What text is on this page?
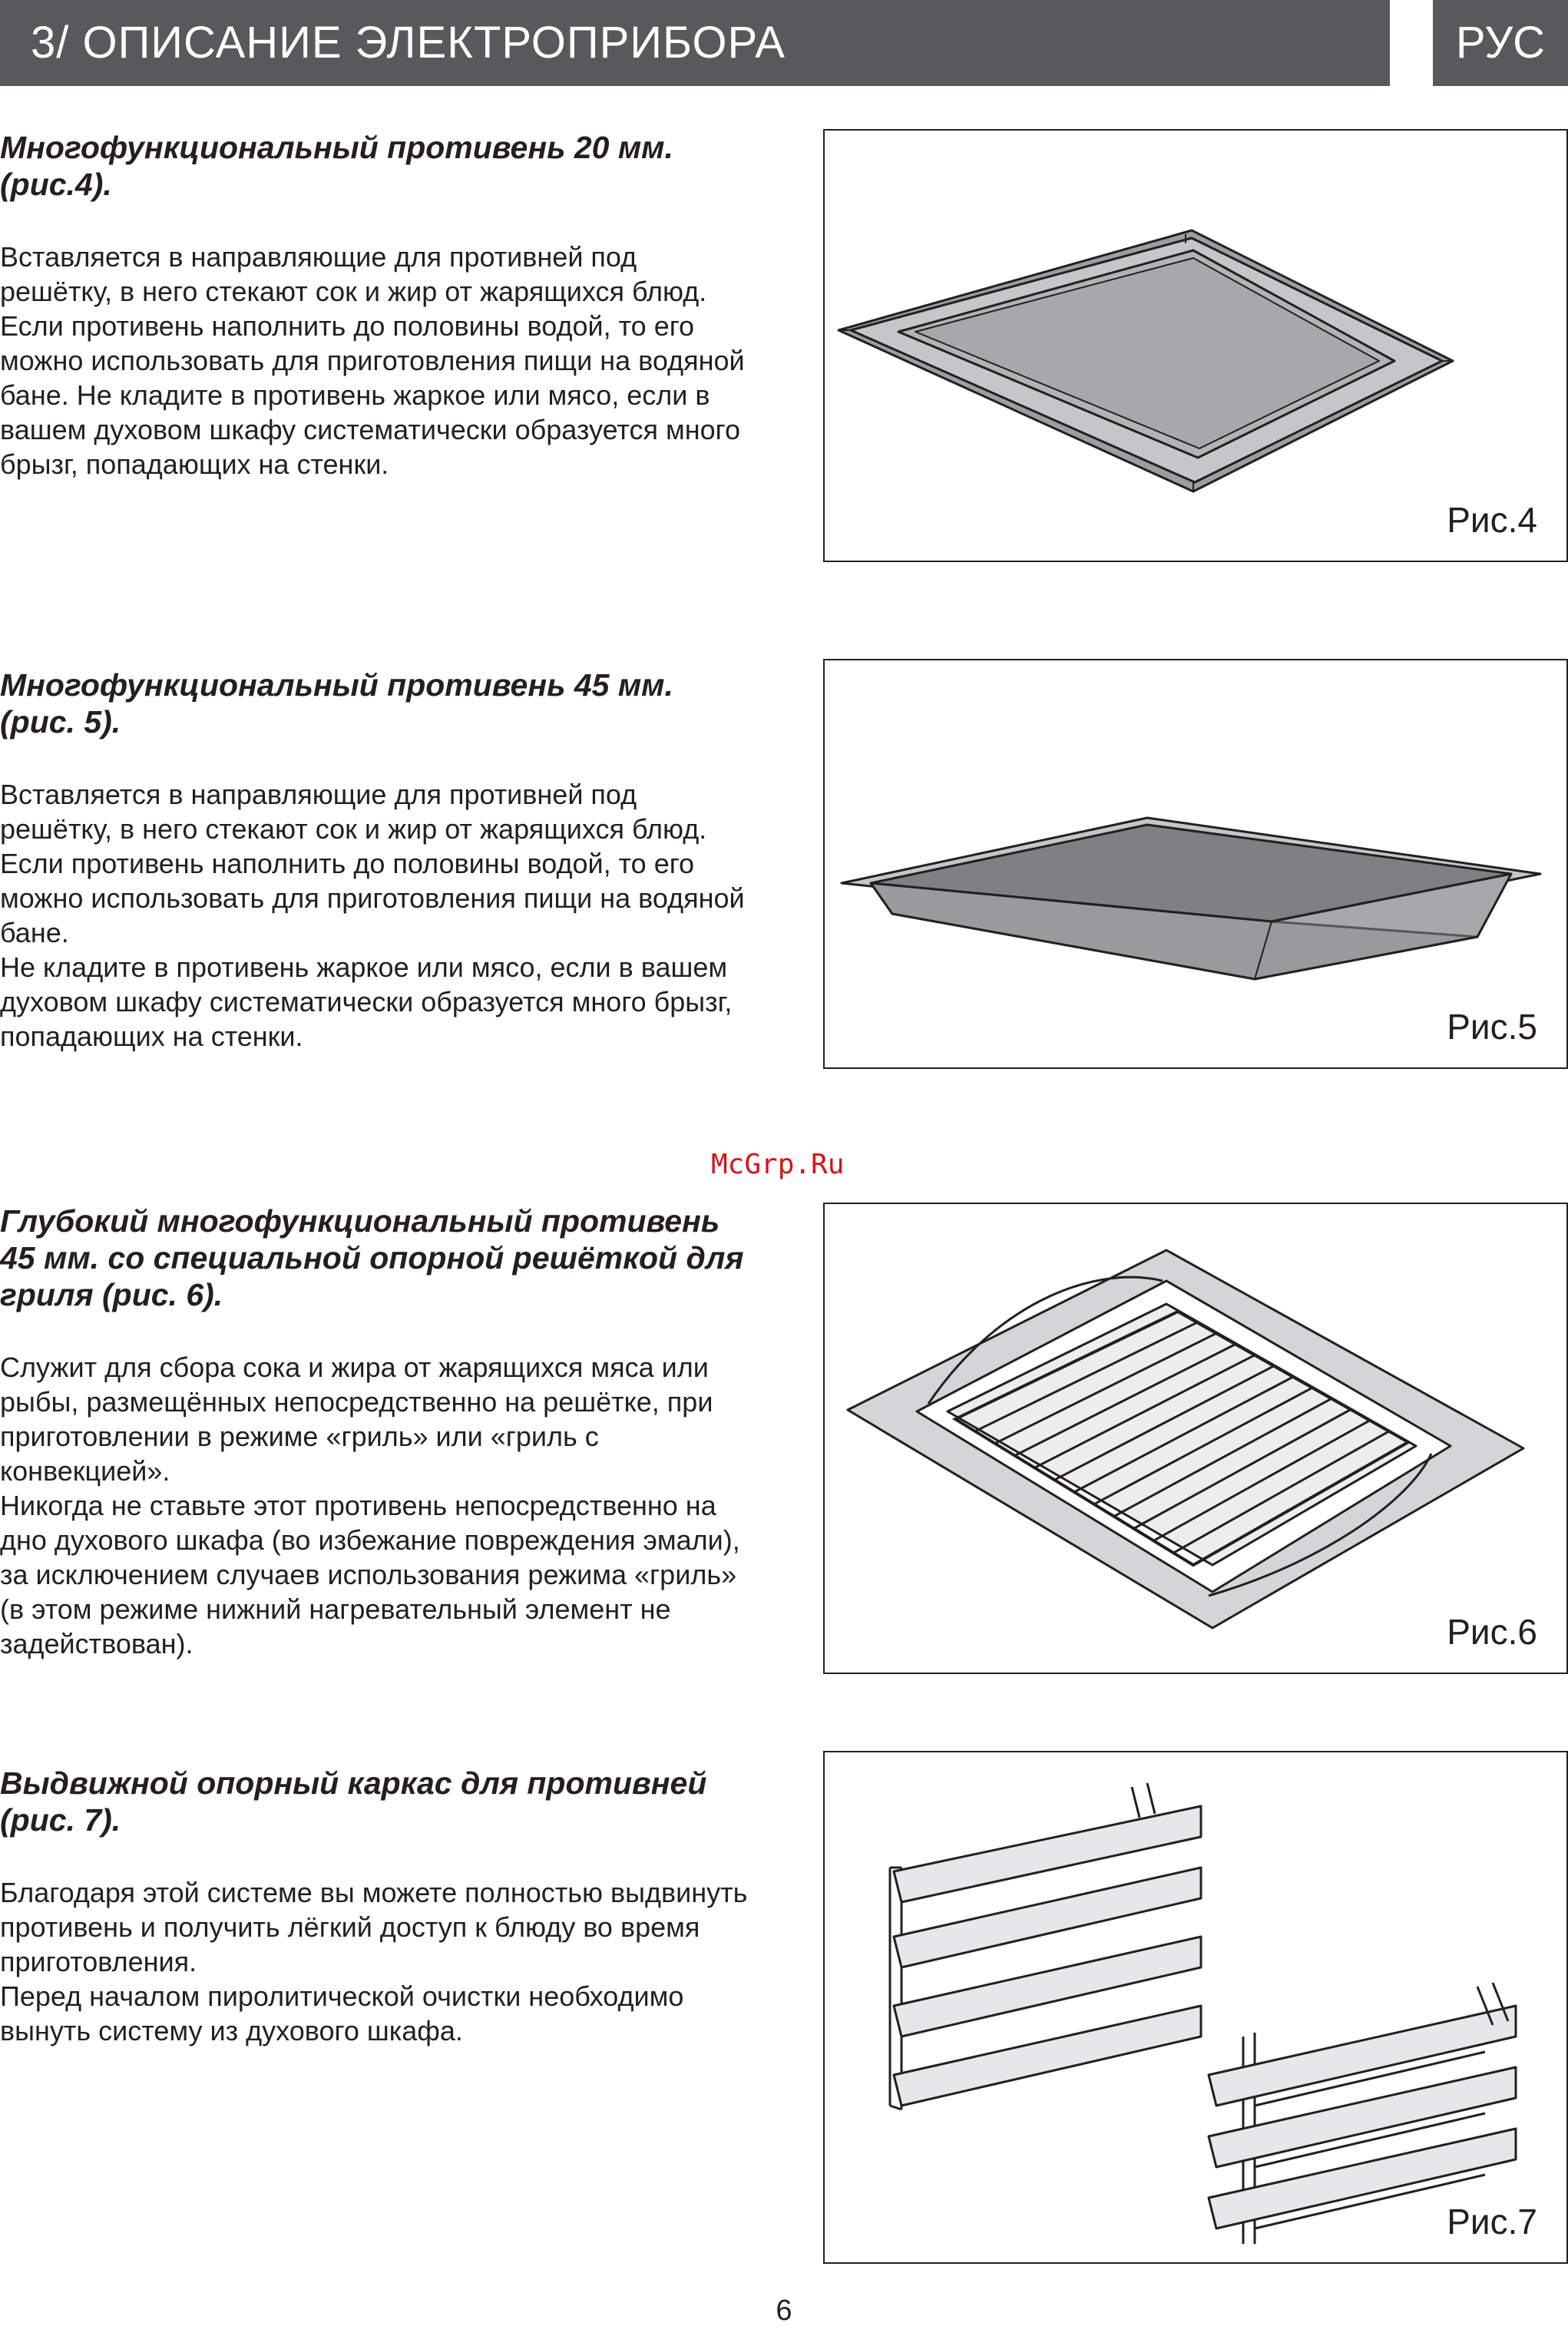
3/ ОПИСАНИЕ ЭЛЕКТРОПРИБОРА	РУС
Многофункциональный противень 20 мм. (рис.4).
Вставляется в направляющие для противней под решётку, в него стекают сок и жир от жарящихся блюд. Если противень наполнить до половины водой, то его можно использовать для приготовления пищи на водяной бане. Не кладите в противень жаркое или мясо, если в вашем духовом шкафу систематически образуется много брызг, попадающих на стенки.
Рис.4
Многофункциональный противень 45 мм. (рис. 5).
Вставляется в направляющие для противней под решётку, в него стекают сок и жир от жарящихся блюд. Если противень наполнить до половины водой, то его можно использовать для приготовления пищи на водяной бане.
Не кладите в противень жаркое или мясо, если в вашем духовом шкафу систематически образуется много брызг, попадающих на стенки.	Рис.5
McGrp.Ru
Глубокий многофункциональный противень 45 мм. со специальной опорной решёткой для гриля (рис. 6).
Служит для сбора сока и жира от жарящихся мяса или рыбы, размещённых непосредственно на решётке, при приготовлении в режиме «гриль» или «гриль с конвекцией».
Никогда не ставьте этот противень непосредственно на дно духового шкафа (во избежание повреждения эмали), за исключением случаев использования режима «гриль» (в этом режиме нижний нагревательный элемент не задействован).	Рис.6
Выдвижной опорный каркас для противней (рис. 7).
Благодаря этой системе вы можете полностью выдвинуть противень и получить лёгкий доступ к блюду во время приготовления.
Перед началом пиролитической очистки необходимо вынуть систему из духового шкафа.
Рис.7
6
